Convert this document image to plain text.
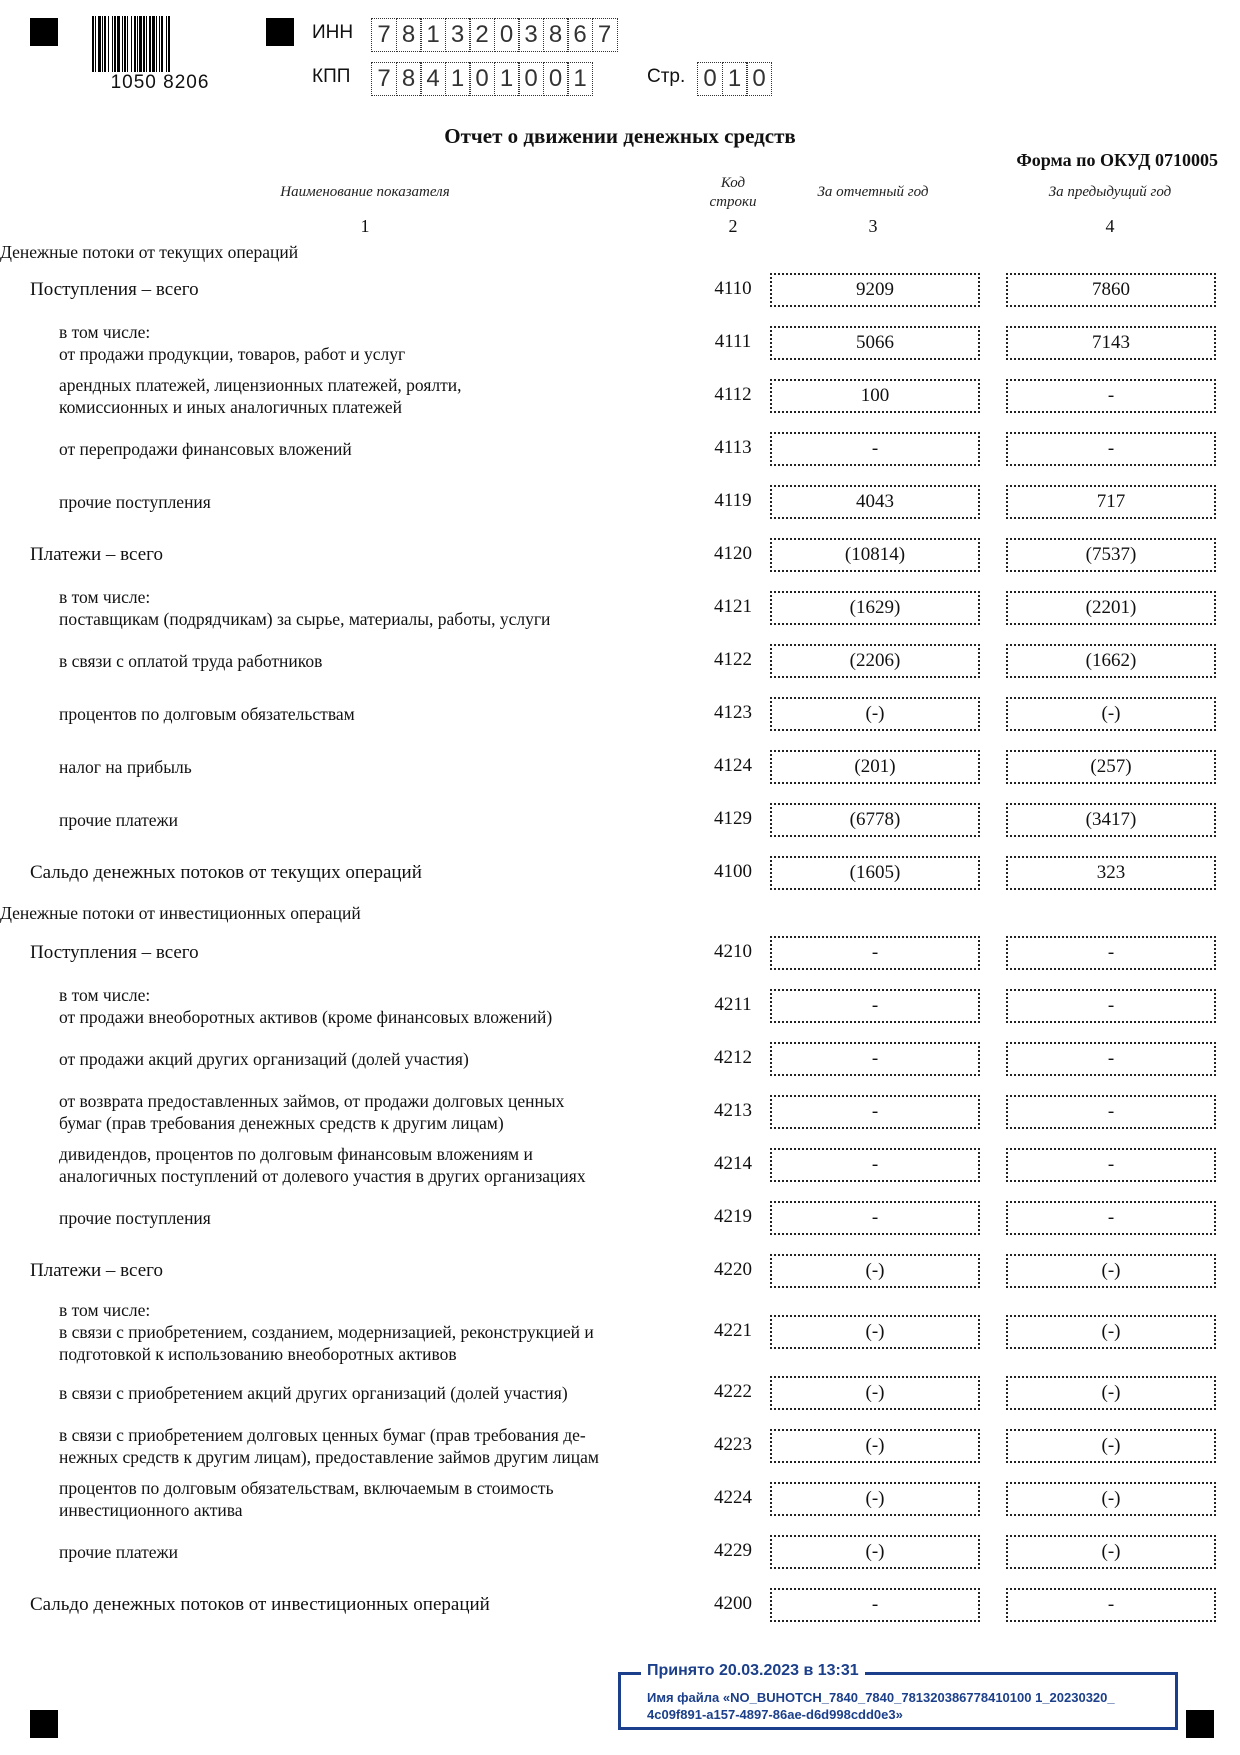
1050 8206
ИНН 7 8 1 3 2 0 3 8 6 7
КПП 7 8 4 1 0 1 0 0 1	Стр. 0 1 0
Отчет о движении денежных средств
Форма по ОКУД 0710005
Наименование показателя
Код строки
За отчетный год	За предыдущий год
1	2	3	4
Денежные потоки от текущих операций
Поступления – всего	4110	9209	7860
в том числе:
от продажи продукции, товаров, работ и услуг
4111	5066	7143
арендных платежей, лицензионных платежей, роялти,
комиссионных и иных аналогичных платежей
4112	100	-
от перепродажи финансовых вложений	4113	-	-
прочие поступления	4119	4043	717
Платежи – всего	4120	(10814)	(7537)
в том числе:
поставщикам (подрядчикам) за сырье, материалы, работы, услуги
4121	(1629)	(2201)
в связи с оплатой труда работников	4122	(2206)	(1662)
процентов по долговым обязательствам	4123	(-)	(-)
налог на прибыль	4124	(201)	(257)
прочие платежи	4129	(6778)	(3417)
Сальдо денежных потоков от текущих операций	4100	(1605)	323
Денежные потоки от инвестиционных операций
Поступления – всего	4210	-	-
в том числе:
от продажи внеоборотных активов (кроме финансовых вложений)
4211	-	-
от продажи акций других организаций (долей участия)	4212	-	-
от возврата предоставленных займов, от продажи долговых ценных
бумаг (прав требования денежных средств к другим лицам)
4213	-	-
дивидендов, процентов по долговым финансовым вложениям и
аналогичных поступлений от долевого участия в других организациях
4214	-	-
прочие поступления	4219	-	-
Платежи – всего	4220	(-)	(-)
в том числе:
в связи с приобретением, созданием, модернизацией, реконструкцией и
подготовкой к использованию внеоборотных активов
4221	(-)	(-)
в связи с приобретением акций других организаций (долей участия)	4222	(-)	(-)
в связи с приобретением долговых ценных бумаг (прав требования де-
нежных средств к другим лицам), предоставление займов другим лицам
4223	(-)	(-)
процентов по долговым обязательствам, включаемым в стоимость
инвестиционного актива
4224	(-)	(-)
прочие платежи	4229	(-)	(-)
Сальдо денежных потоков от инвестиционных операций	4200	-	-
Принято 20.03.2023 в 13:31
Имя файла «NO_BUHOTCH_7840_7840_781320386778410100 1_20230320_
4c09f891-a157-4897-86ae-d6d998cdd0e3»
